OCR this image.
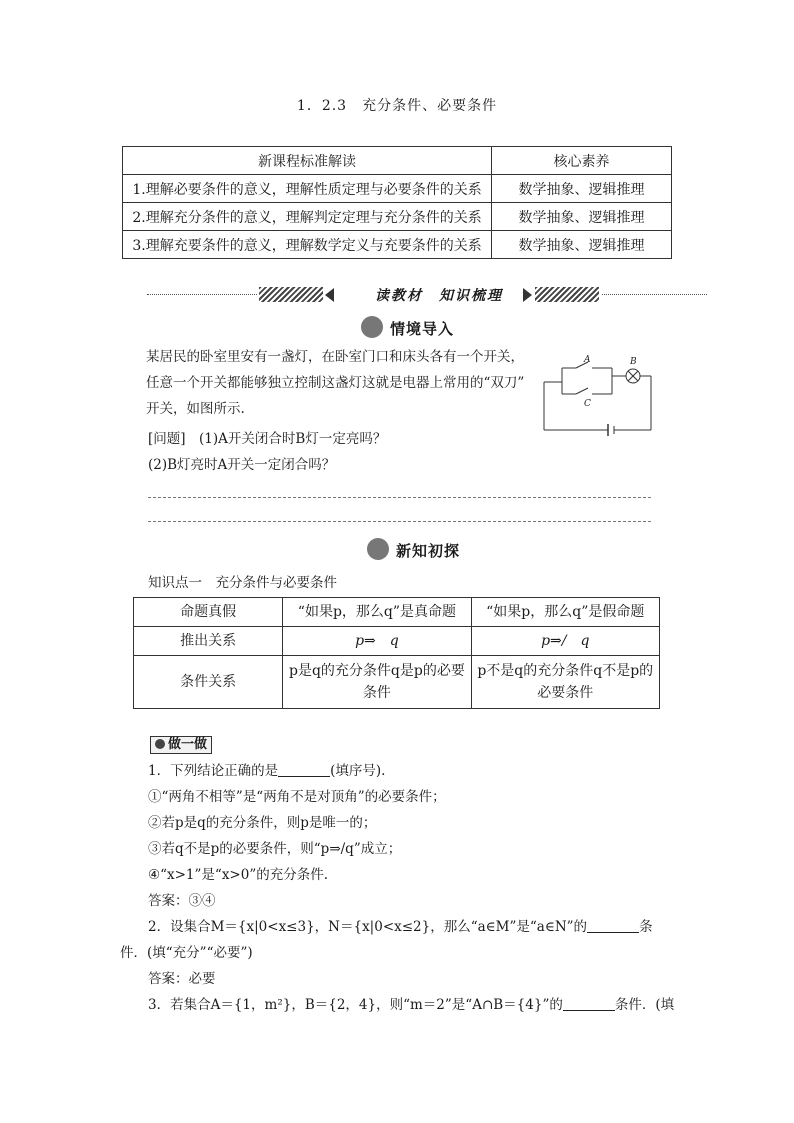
1．2.3　充分条件、必要条件
新课程标准解读	核心素养
1.理解必要条件的意义，理解性质定理与必要条件的关系	数学抽象、逻辑推理
2.理解充分条件的意义，理解判定定理与充分条件的关系	数学抽象、逻辑推理
3.理解充要条件的意义，理解数学定义与充要条件的关系	数学抽象、逻辑推理
读教材　知识梳理
情境导入
某居民的卧室里安有一盏灯，在卧室门口和床头各有一个开关，
任意一个开关都能够独立控制这盏灯这就是电器上常用的“双刀”
开关，如图所示.
A	B
C
[问题]　(1)A开关闭合时B灯一定亮吗？
(2)B灯亮时A开关一定闭合吗？
新知初探
知识点一　充分条件与必要条件
命题真假	“如果p，那么q”是真命题	“如果p，那么q”是假命题
推出关系	p⇒　q	p⇒/　q
条件关系	p是q的充分条件q是p的必要条件	p不是q的充分条件q不是p的必要条件
做一做
1．下列结论正确的是	(填序号).
①“两角不相等”是“两角不是对顶角”的必要条件；
②若p是q的充分条件，则p是唯一的；
③若q不是p的必要条件，则“p⇒/q”成立；
④“x>1”是“x>0”的充分条件.
答案：③④
2．设集合M＝{x|0<x≤3}，N＝{x|0<x≤2}，那么“a∈M”是“a∈N”的	条
件．(填“充分”“必要”)
答案：必要
3．若集合A＝{1，m²}，B＝{2，4}，则“m＝2”是“A∩B＝{4}”的	条件．(填
